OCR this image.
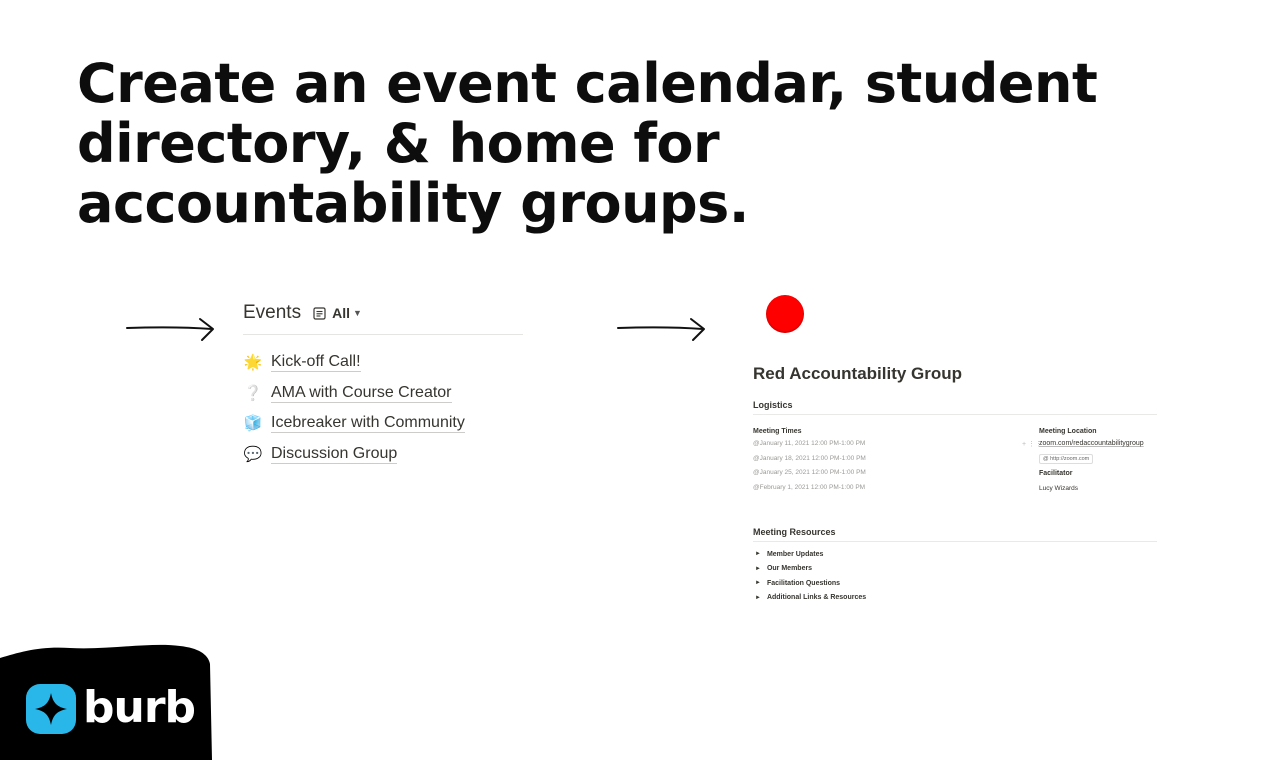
Create an event calendar, student
directory, & home for
accountability groups.
Events All ▼
🌟 Kick-off Call!
❔ AMA with Course Creator
🧊 Icebreaker with Community
💬 Discussion Group
Red Accountability Group
Logistics
Meeting Times
@January 11, 2021 12:00 PM-1:00 PM
@January 18, 2021 12:00 PM-1:00 PM
@January 25, 2021 12:00 PM-1:00 PM
@February 1, 2021 12:00 PM-1:00 PM
+ ⋮⋮
Meeting Location
zoom.com/redaccountabilitygroup
@ http://zoom.com
Facilitator
Lucy Wizards
Meeting Resources
► Member Updates
► Our Members
► Facilitation Questions
► Additional Links & Resources
burb
